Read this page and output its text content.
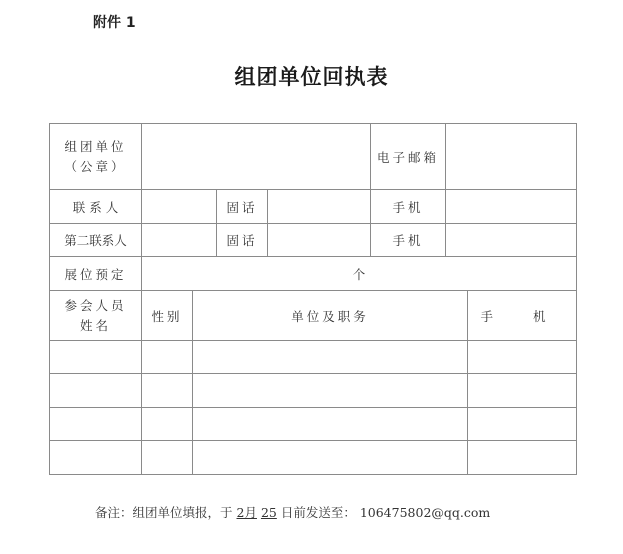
附件 1
组团单位回执表
组团单位
（公章）				电子邮箱	
联 系 人		固话		手机	
第二联系人		固话		手机	
展位预定	个				
参会人员
姓名	性别	单位及职务	手 机

备注：组团单位填报，于 2月 25 日前发送至： 106475802@qq.com
